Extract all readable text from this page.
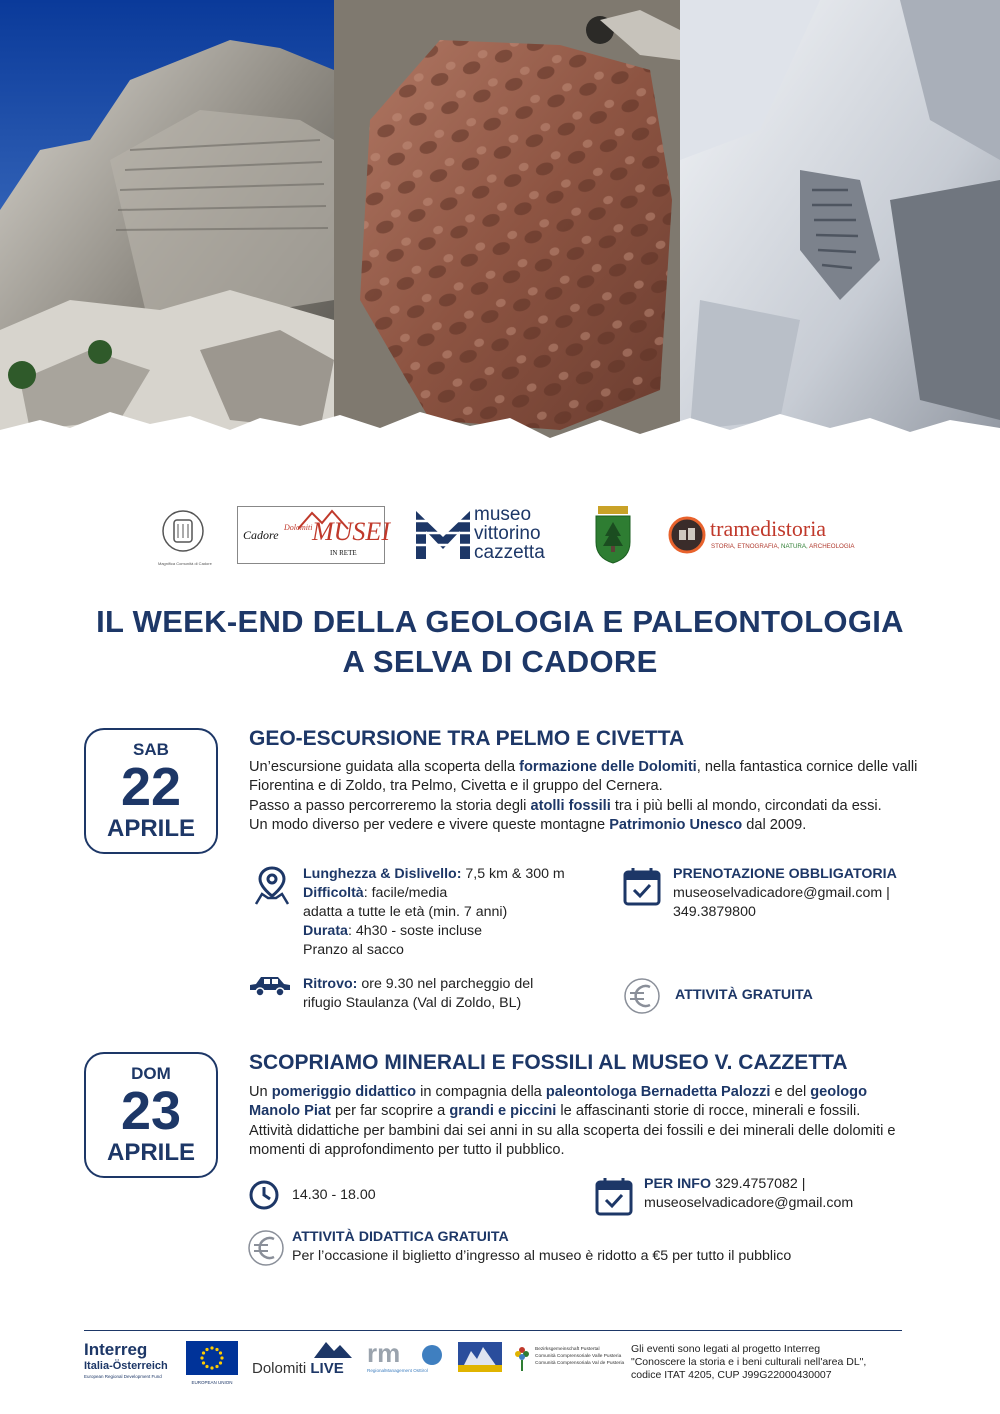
Magnifica Comunità di Cadore
Cadore
Dolomiti MUSEI
IN RETE
museo
vittorino
cazzetta
tramedistoria
STORIA, ETNOGRAFIA, NATURA, ARCHEOLOGIA
IL WEEK-END DELLA GEOLOGIA E PALEONTOLOGIA
A SELVA DI CADORE
SAB
22
APRILE
GEO-ESCURSIONE TRA PELMO E CIVETTA
Un’escursione guidata alla scoperta della formazione delle Dolomiti, nella fantastica cornice delle valli Fiorentina e di Zoldo, tra Pelmo, Civetta e il gruppo del Cernera.
Passo a passo percorreremo la storia degli atolli fossili tra i più belli al mondo, circondati da essi.
Un modo diverso per vedere e vivere queste montagne Patrimonio Unesco dal 2009.
Lunghezza & Dislivello: 7,5 km & 300 m
Difficoltà: facile/media
adatta a tutte le età (min. 7 anni)
Durata: 4h30 - soste incluse
Pranzo al sacco
Ritrovo: ore 9.30 nel parcheggio del
rifugio Staulanza (Val di Zoldo, BL)
PRENOTAZIONE OBBLIGATORIA
museoselvadicadore@gmail.com |
349.3879800
ATTIVITÀ GRATUITA
DOM
23
APRILE
SCOPRIAMO MINERALI E FOSSILI AL MUSEO V. CAZZETTA
Un pomeriggio didattico in compagnia della paleontologa Bernadetta Palozzi e del geologo
Manolo Piat per far scoprire a grandi e piccini le affascinanti storie di rocce, minerali e fossili.
Attività didattiche per bambini dai sei anni in su alla scoperta dei fossili e dei minerali delle dolomiti e momenti di approfondimento per tutto il pubblico.
14.30 - 18.00
PER INFO 329.4757082 |
museoselvadicadore@gmail.com
ATTIVITÀ DIDATTICA GRATUITA
Per l’occasione il biglietto d’ingresso al museo è ridotto a €5 per tutto il pubblico
Interreg
Italia-Österreich
European Regional Development Fund
EUROPEAN UNION
Dolomiti LIVE
rm
RegionalManagement Osttirol
Bezirksgemeinschaft Pustertal
Comunità Comprensoriale Valle Pusteria
Comunità Comprensoriala Val de Pusteria
Gli eventi sono legati al progetto Interreg
"Conoscere la storia e i beni culturali nell'area DL",
codice ITAT 4205, CUP J99G22000430007
